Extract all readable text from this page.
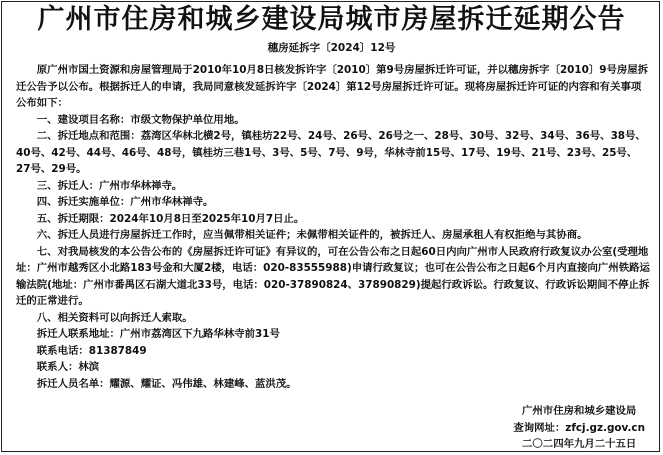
广州市住房和城乡建设局城市房屋拆迁延期公告
穗房延拆字〔2024〕12号

原广州市国土资源和房屋管理局于2010年10月8日核发拆许字〔2010〕第9号房屋拆迁许可证，并以穗房拆字〔2010〕9号房屋拆迁公告予以公布。根据拆迁人的申请，我局同意核发延拆许字〔2024〕第12号房屋拆迁许可证。现将房屋拆迁许可证的内容和有关事项公布如下：

一、建设项目名称：市级文物保护单位用地。

二、拆迁地点和范围：荔湾区华林北横2号，镇桂坊22号、24号、26号、26号之一、28号、30号、32号、34号、36号、38号、40号、42号、44号、46号、48号，镇桂坊三巷1号、3号、5号、7号、9号，华林寺前15号、17号、19号、21号、23号、25号、27号、29号。

三、拆迁人：广州市华林禅寺。

四、拆迁实施单位：广州市华林禅寺。

五、拆迁期限：2024年10月8日至2025年10月7日止。

六、拆迁人员进行房屋拆迁工作时，应当佩带相关证件；未佩带相关证件的，被拆迁人、房屋承租人有权拒绝与其协商。

七、对我局核发的本公告公布的《房屋拆迁许可证》有异议的，可在公告公布之日起60日内向广州市人民政府行政复议办公室(受理地址：广州市越秀区小北路183号金和大厦2楼，电话：020-83555988)申请行政复议；也可在公告公布之日起6个月内直接向广州铁路运输法院(地址：广州市番禺区石湖大道北33号，电话：020-37890824、37890829)提起行政诉讼。行政复议、行政诉讼期间不停止拆迁的正常进行。

八、相关资料可以向拆迁人索取。

拆迁人联系地址：广州市荔湾区下九路华林寺前31号

联系电话：81387849

联系人：林滨

拆迁人员名单：耀源、耀证、冯伟雄、林建峰、蓝洪茂。

广州市住房和城乡建设局
查询网址：zfcj.gz.gov.cn
二〇二四年九月二十五日
